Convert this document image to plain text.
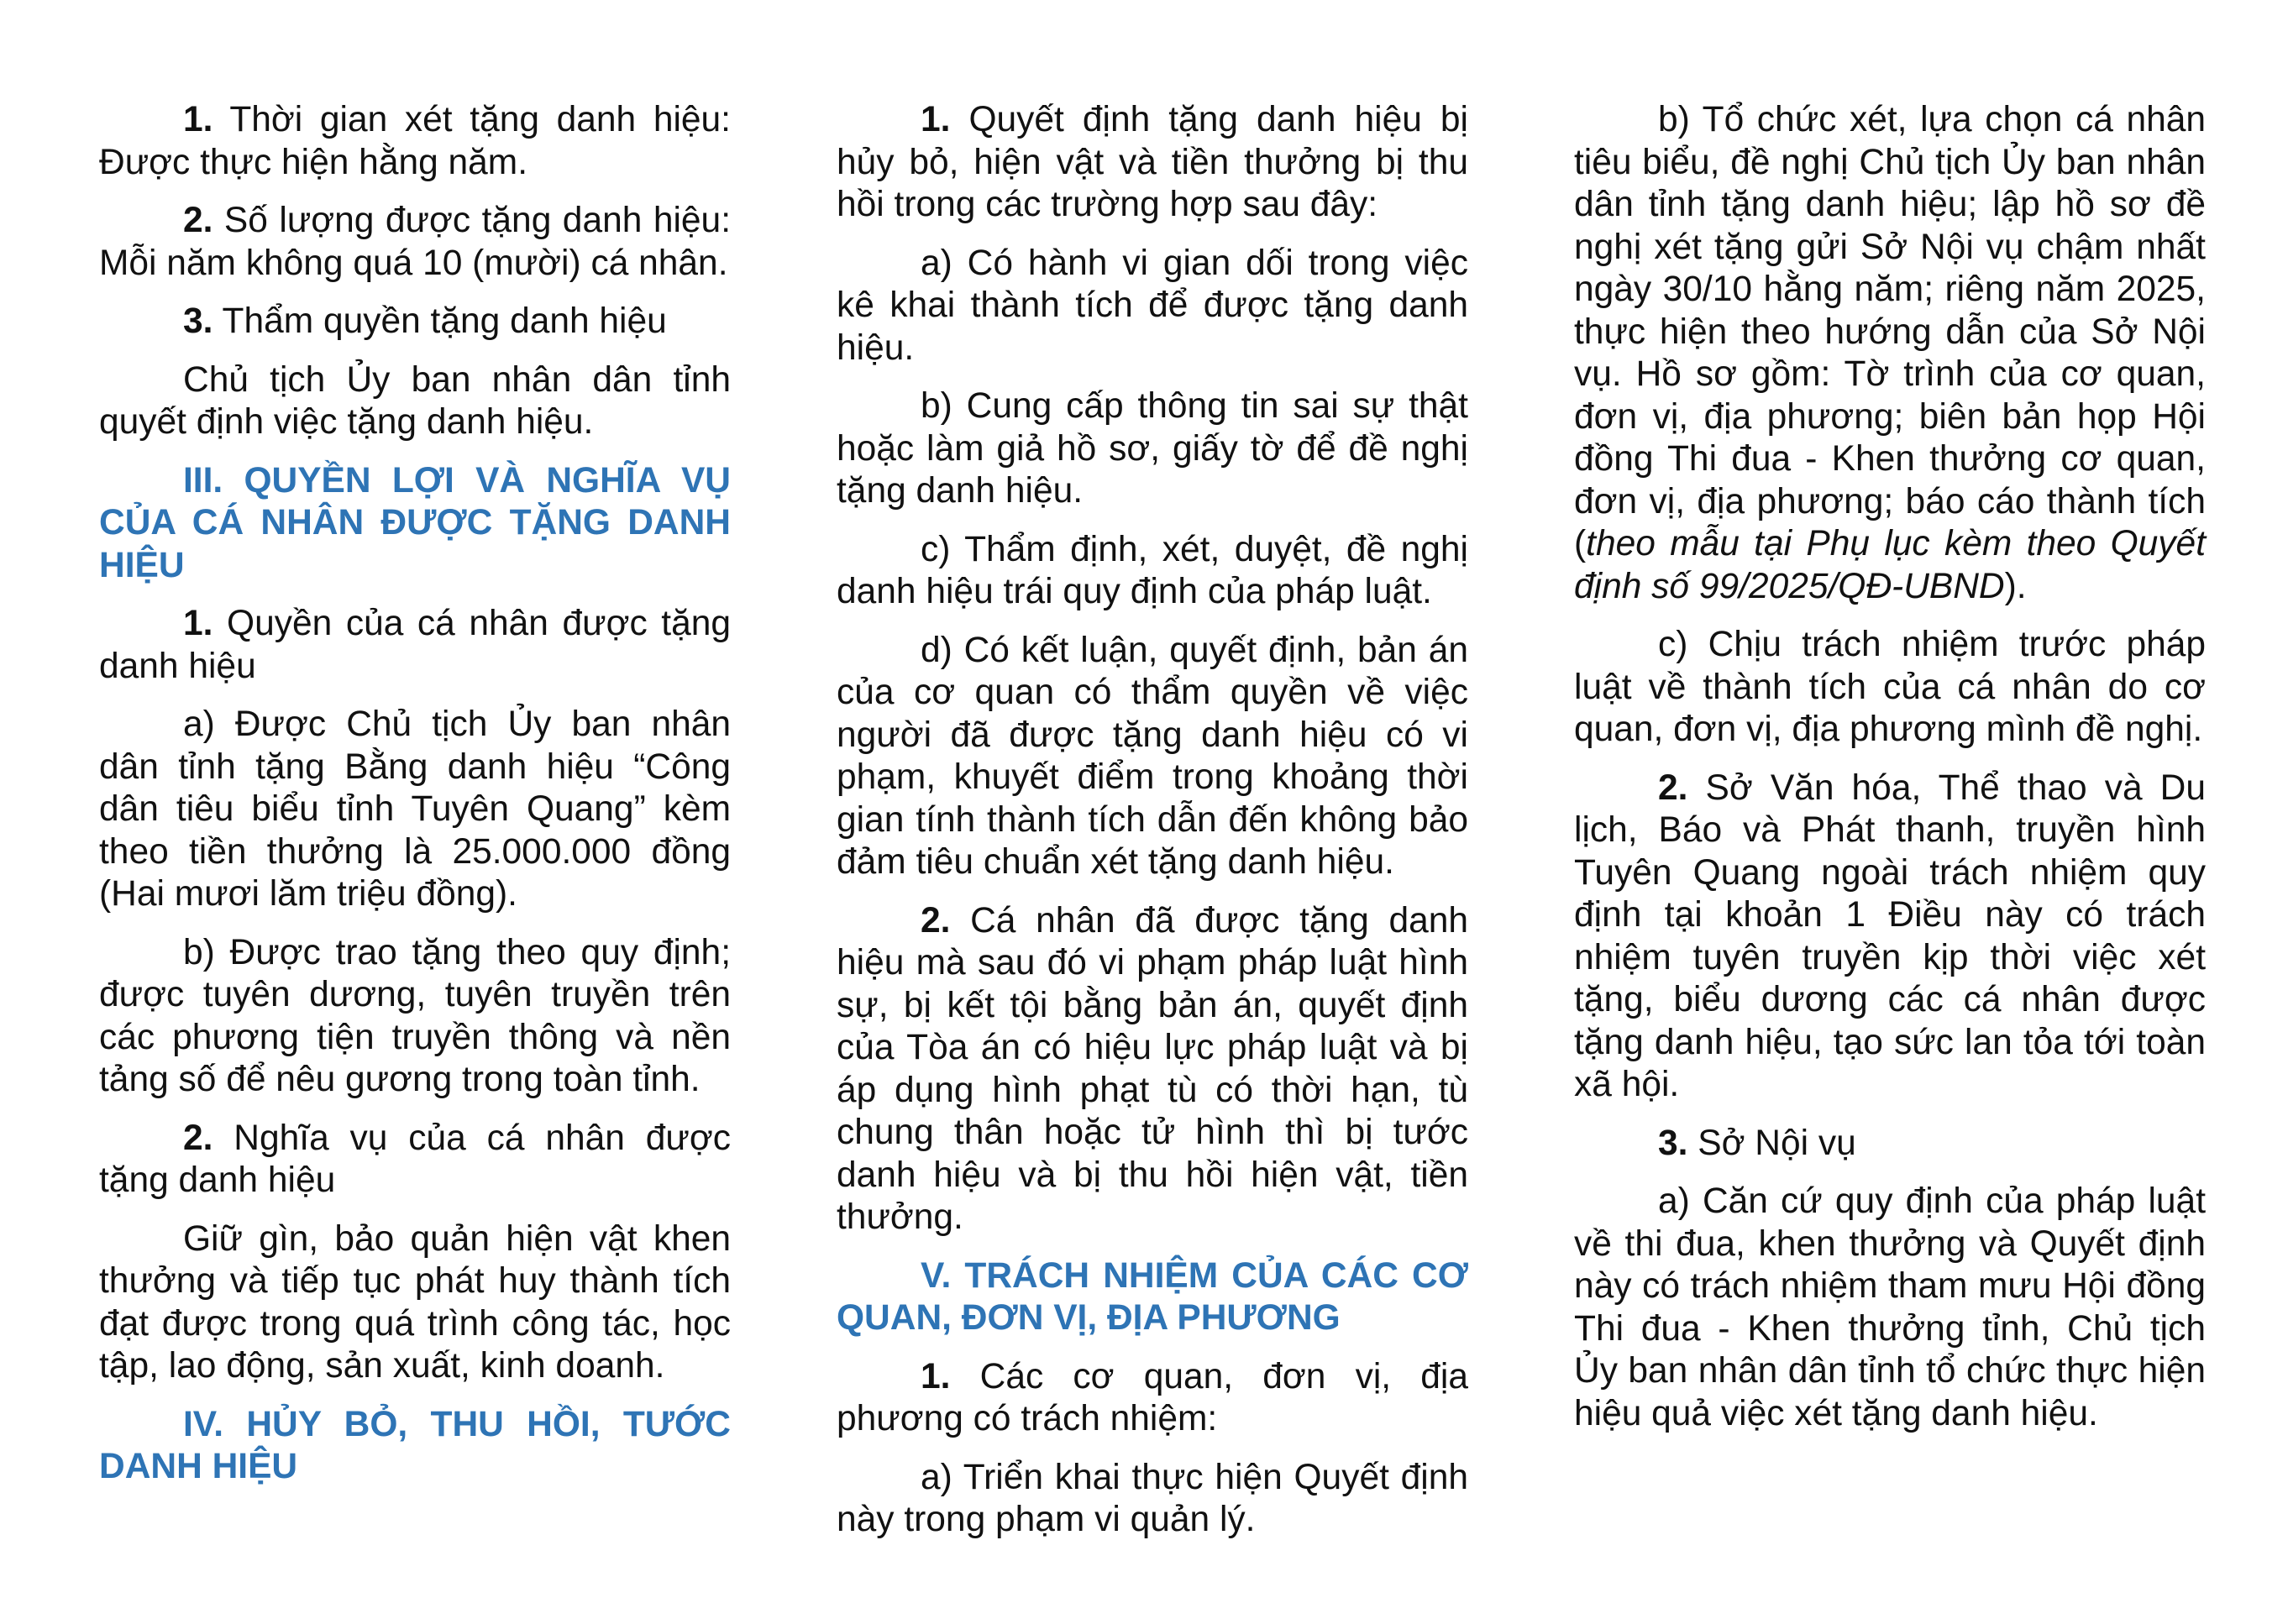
1. Thời gian xét tặng danh hiệu: Được thực hiện hằng năm.

2. Số lượng được tặng danh hiệu: Mỗi năm không quá 10 (mười) cá nhân.

3. Thẩm quyền tặng danh hiệu

Chủ tịch Ủy ban nhân dân tỉnh quyết định việc tặng danh hiệu.

III. QUYỀN LỢI VÀ NGHĨA VỤ CỦA CÁ NHÂN ĐƯỢC TẶNG DANH HIỆU

1. Quyền của cá nhân được tặng danh hiệu

a) Được Chủ tịch Ủy ban nhân dân tỉnh tặng Bằng danh hiệu “Công dân tiêu biểu tỉnh Tuyên Quang” kèm theo tiền thưởng là 25.000.000 đồng (Hai mươi lăm triệu đồng).

b) Được trao tặng theo quy định; được tuyên dương, tuyên truyền trên các phương tiện truyền thông và nền tảng số để nêu gương trong toàn tỉnh.

2. Nghĩa vụ của cá nhân được tặng danh hiệu

Giữ gìn, bảo quản hiện vật khen thưởng và tiếp tục phát huy thành tích đạt được trong quá trình công tác, học tập, lao động, sản xuất, kinh doanh.

IV. HỦY BỎ, THU HỒI, TƯỚC DANH HIỆU

1. Quyết định tặng danh hiệu bị hủy bỏ, hiện vật và tiền thưởng bị thu hồi trong các trường hợp sau đây:

a) Có hành vi gian dối trong việc kê khai thành tích để được tặng danh hiệu.

b) Cung cấp thông tin sai sự thật hoặc làm giả hồ sơ, giấy tờ để đề nghị tặng danh hiệu.

c) Thẩm định, xét, duyệt, đề nghị danh hiệu trái quy định của pháp luật.

d) Có kết luận, quyết định, bản án của cơ quan có thẩm quyền về việc người đã được tặng danh hiệu có vi phạm, khuyết điểm trong khoảng thời gian tính thành tích dẫn đến không bảo đảm tiêu chuẩn xét tặng danh hiệu.

2. Cá nhân đã được tặng danh hiệu mà sau đó vi phạm pháp luật hình sự, bị kết tội bằng bản án, quyết định của Tòa án có hiệu lực pháp luật và bị áp dụng hình phạt tù có thời hạn, tù chung thân hoặc tử hình thì bị tước danh hiệu và bị thu hồi hiện vật, tiền thưởng.

V. TRÁCH NHIỆM CỦA CÁC CƠ QUAN, ĐƠN VỊ, ĐỊA PHƯƠNG

1. Các cơ quan, đơn vị, địa phương có trách nhiệm:

a) Triển khai thực hiện Quyết định này trong phạm vi quản lý.

b) Tổ chức xét, lựa chọn cá nhân tiêu biểu, đề nghị Chủ tịch Ủy ban nhân dân tỉnh tặng danh hiệu; lập hồ sơ đề nghị xét tặng gửi Sở Nội vụ chậm nhất ngày 30/10 hằng năm; riêng năm 2025, thực hiện theo hướng dẫn của Sở Nội vụ. Hồ sơ gồm: Tờ trình của cơ quan, đơn vị, địa phương; biên bản họp Hội đồng Thi đua - Khen thưởng cơ quan, đơn vị, địa phương; báo cáo thành tích (theo mẫu tại Phụ lục kèm theo Quyết định số 99/2025/QĐ-UBND).

c) Chịu trách nhiệm trước pháp luật về thành tích của cá nhân do cơ quan, đơn vị, địa phương mình đề nghị.

2. Sở Văn hóa, Thể thao và Du lịch, Báo và Phát thanh, truyền hình Tuyên Quang ngoài trách nhiệm quy định tại khoản 1 Điều này có trách nhiệm tuyên truyền kịp thời việc xét tặng, biểu dương các cá nhân được tặng danh hiệu, tạo sức lan tỏa tới toàn xã hội.

3. Sở Nội vụ

a) Căn cứ quy định của pháp luật về thi đua, khen thưởng và Quyết định này có trách nhiệm tham mưu Hội đồng Thi đua - Khen thưởng tỉnh, Chủ tịch Ủy ban nhân dân tỉnh tổ chức thực hiện hiệu quả việc xét tặng danh hiệu.
